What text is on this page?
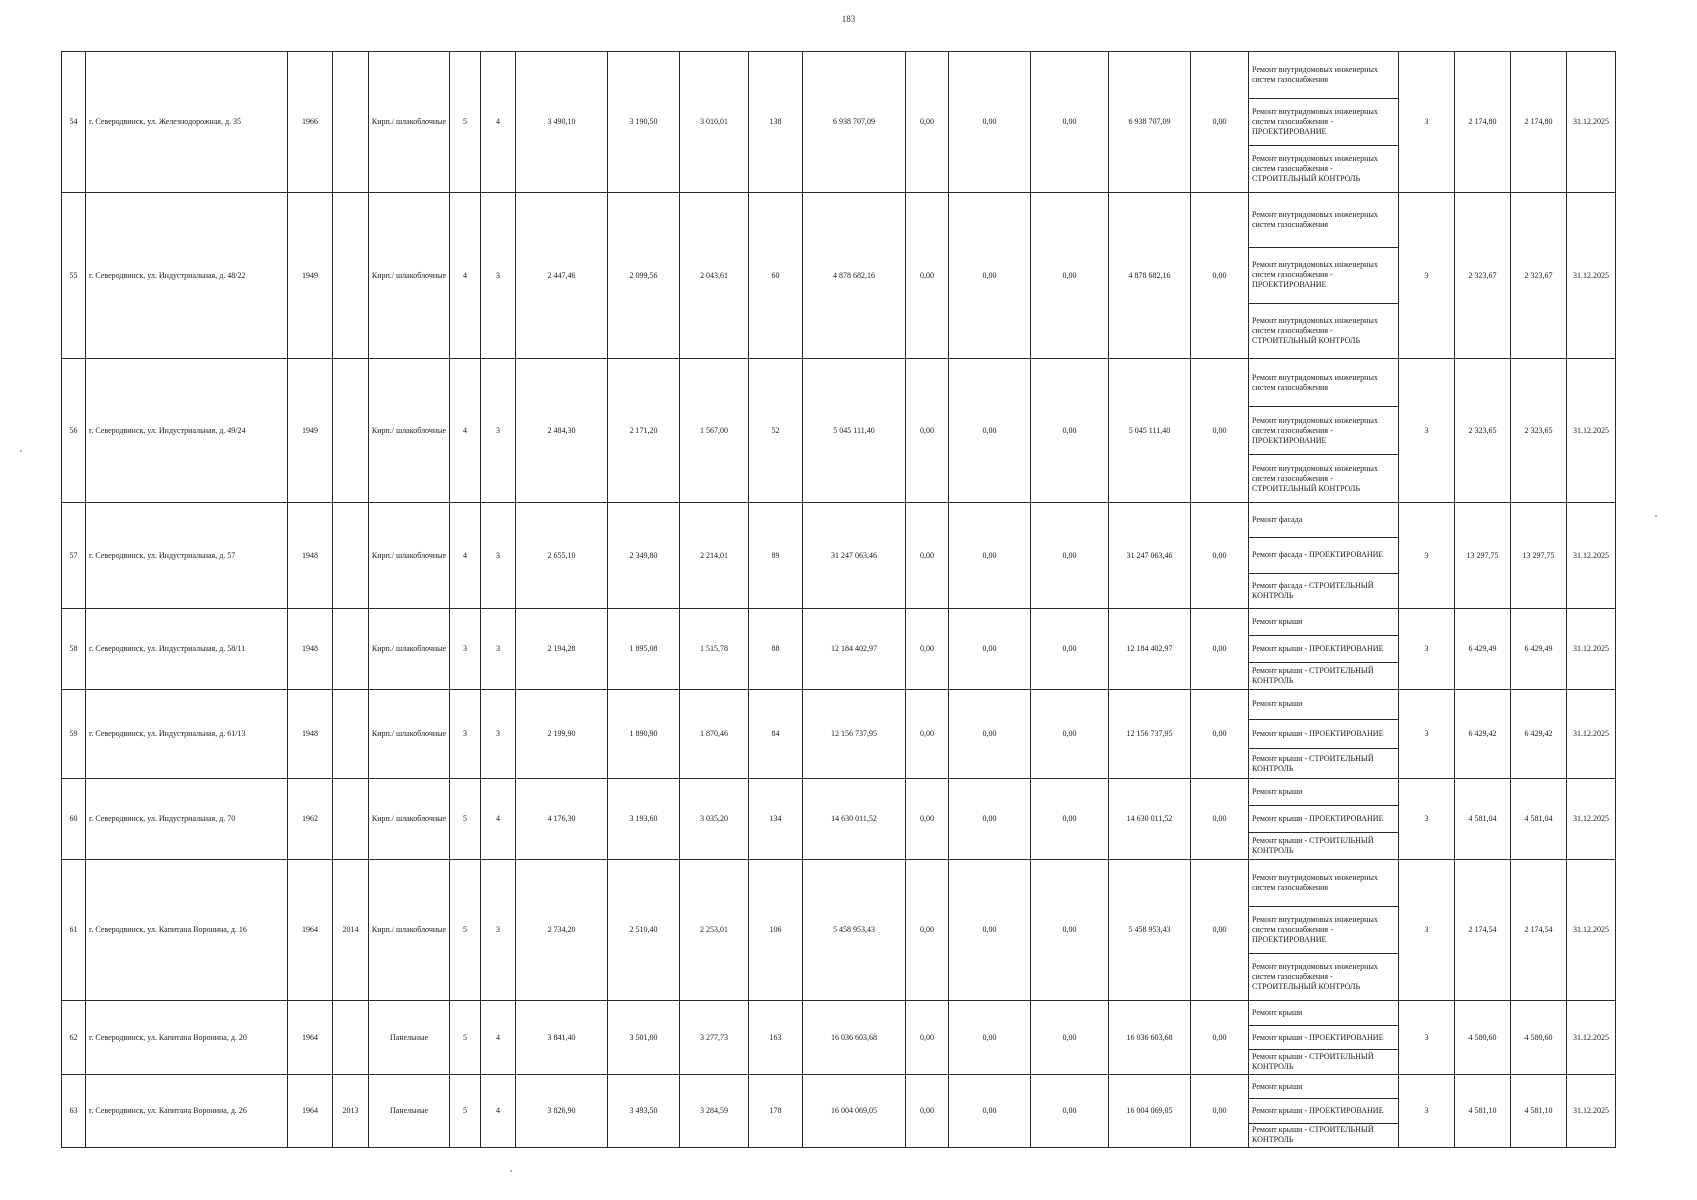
183
54	г. Северодвинск, ул. Железнодорожная, д. 35	1966		Кирп./ шлакоблочные	5	4	3 490,10	3 190,50	3 010,01	138	6 938 707,09	0,00	0,00	0,00	6 938 707,09	0,00	Ремонт внутридомовых инженерных систем газоснабжения
Ремонт внутридомовых инженерных систем газоснабжения - ПРОЕКТИРОВАНИЕ
Ремонт внутридомовых инженерных систем газоснабжения - СТРОИТЕЛЬНЫЙ КОНТРОЛЬ	3	2 174,80	2 174,80	31.12.2025
55	г. Северодвинск, ул. Индустриальная, д. 48/22	1949		Кирп./ шлакоблочные	4	3	2 447,46	2 099,56	2 043,61	60	4 878 682,16	0,00	0,00	0,00	4 878 682,16	0,00	Ремонт внутридомовых инженерных систем газоснабжения
Ремонт внутридомовых инженерных систем газоснабжения - ПРОЕКТИРОВАНИЕ
Ремонт внутридомовых инженерных систем газоснабжения - СТРОИТЕЛЬНЫЙ КОНТРОЛЬ	3	2 323,67	2 323,67	31.12.2025
56	г. Северодвинск, ул. Индустриальная, д. 49/24	1949		Кирп./ шлакоблочные	4	3	2 484,30	2 171,20	1 567,00	52	5 045 111,40	0,00	0,00	0,00	5 045 111,40	0,00	Ремонт внутридомовых инженерных систем газоснабжения
Ремонт внутридомовых инженерных систем газоснабжения - ПРОЕКТИРОВАНИЕ
Ремонт внутридомовых инженерных систем газоснабжения - СТРОИТЕЛЬНЫЙ КОНТРОЛЬ	3	2 323,65	2 323,65	31.12.2025
57	г. Северодвинск, ул. Индустриальная, д. 57	1948		Кирп./ шлакоблочные	4	3	2 655,10	2 349,80	2 214,01	89	31 247 063,46	0,00	0,00	0,00	31 247 063,46	0,00	Ремонт фасада
Ремонт фасада - ПРОЕКТИРОВАНИЕ
Ремонт фасада - СТРОИТЕЛЬНЫЙ КОНТРОЛЬ	3	13 297,75	13 297,75	31.12.2025
58	г. Северодвинск, ул. Индустриальная, д. 58/11	1948		Кирп./ шлакоблочные	3	3	2 194,28	1 895,08	1 515,78	88	12 184 402,97	0,00	0,00	0,00	12 184 402,97	0,00	Ремонт крыши
Ремонт крыши - ПРОЕКТИРОВАНИЕ
Ремонт крыши - СТРОИТЕЛЬНЫЙ КОНТРОЛЬ	3	6 429,49	6 429,49	31.12.2025
59	г. Северодвинск, ул. Индустриальная, д. 61/13	1948		Кирп./ шлакоблочные	3	3	2 199,90	1 890,90	1 870,46	84	12 156 737,95	0,00	0,00	0,00	12 156 737,95	0,00	Ремонт крыши
Ремонт крыши - ПРОЕКТИРОВАНИЕ
Ремонт крыши - СТРОИТЕЛЬНЫЙ КОНТРОЛЬ	3	6 429,42	6 429,42	31.12.2025
60	г. Северодвинск, ул. Индустриальная, д. 70	1962		Кирп./ шлакоблочные	5	4	4 176,30	3 193,60	3 035,20	134	14 630 011,52	0,00	0,00	0,00	14 630 011,52	0,00	Ремонт крыши
Ремонт крыши - ПРОЕКТИРОВАНИЕ
Ремонт крыши - СТРОИТЕЛЬНЫЙ КОНТРОЛЬ	3	4 581,04	4 581,04	31.12.2025
61	г. Северодвинск, ул. Капитана Воронина, д. 16	1964	2014	Кирп./ шлакоблочные	5	3	2 734,20	2 510,40	2 253,01	106	5 458 953,43	0,00	0,00	0,00	5 458 953,43	0,00	Ремонт внутридомовых инженерных систем газоснабжения
Ремонт внутридомовых инженерных систем газоснабжения - ПРОЕКТИРОВАНИЕ
Ремонт внутридомовых инженерных систем газоснабжения - СТРОИТЕЛЬНЫЙ КОНТРОЛЬ	3	2 174,54	2 174,54	31.12.2025
62	г. Северодвинск, ул. Капитана Воронина, д. 20	1964		Панельные	5	4	3 841,40	3 501,00	3 277,73	163	16 036 603,68	0,00	0,00	0,00	16 036 603,68	0,00	Ремонт крыши
Ремонт крыши - ПРОЕКТИРОВАНИЕ
Ремонт крыши - СТРОИТЕЛЬНЫЙ КОНТРОЛЬ	3	4 580,60	4 580,60	31.12.2025
63	г. Северодвинск, ул. Капитана Воронина, д. 26	1964	2013	Панельные	5	4	3 826,90	3 493,50	3 284,59	178	16 004 069,05	0,00	0,00	0,00	16 004 069,05	0,00	Ремонт крыши
Ремонт крыши - ПРОЕКТИРОВАНИЕ
Ремонт крыши - СТРОИТЕЛЬНЫЙ КОНТРОЛЬ	3	4 581,10	4 581,10	31.12.2025
